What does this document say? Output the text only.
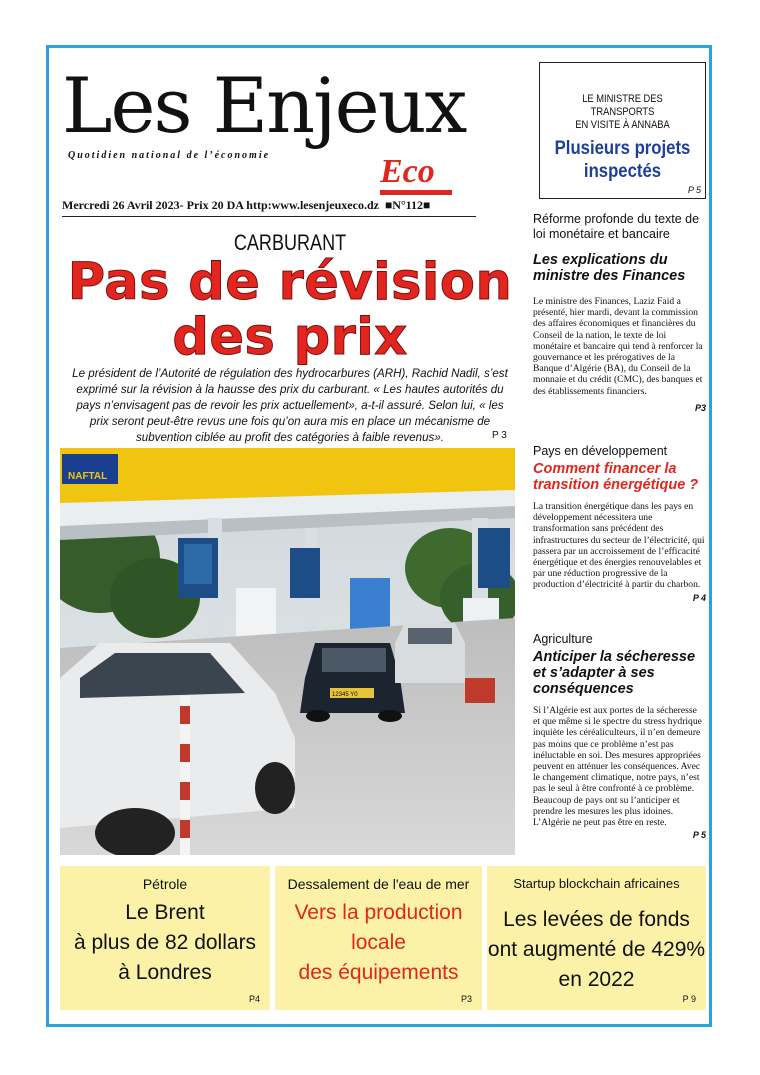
Les Enjeux
Quotidien national de l’économie	Eco
Mercredi 26 Avril 2023- Prix 20 DA http:www.lesenjeuxeco.dz ■N°112■
LE MINISTRE DES TRANSPORTS
EN VISITE À ANNABA
Plusieurs projets
inspectés
P 5
CARBURANT
Pas de révision
des prix
Le président de l’Autorité de régulation des hydrocarbures (ARH), Rachid Nadil, s’est exprimé sur la révision à la hausse des prix du carburant. « Les hautes autorités du pays n’envisagent pas de revoir les prix actuellement», a-t-il assuré. Selon lui, « les prix seront peut-être revus une fois qu’on aura mis en place un mécanisme de subvention ciblée au profit des catégories à faible revenus».	P 3
NAFTAL
12345 Y0
Réforme profonde du texte de loi monétaire et bancaire
Les explications du ministre des Finances
Le ministre des Finances, Laziz Faid a présenté, hier mardi, devant la commission des affaires économiques et financières du Conseil de la nation, le texte de loi monétaire et bancaire qui tend à renforcer la gouvernance et les prérogatives de la Banque d’Algérie (BA), du Conseil de la monnaie et du crédit (CMC), des banques et des établissements financiers.
P3
Pays en développement
Comment financer la transition énergétique ?
La transition énergétique dans les pays en développement nécessitera une transformation sans précédent des infrastructures du secteur de l’électricité, qui passera par un accroissement de l’efficacité énergétique et des énergies renouvelables et par une réduction progressive de la production d’électricité à partir du charbon.
P 4
Agriculture
Anticiper la sécheresse et s’adapter à ses conséquences
Si l’Algérie est aux portes de la sécheresse et que même si le spectre du stress hydrique inquiète les céréaliculteurs, il n’en demeure pas moins que ce problème n’est pas inéluctable en soi. Des mesures appropriées peuvent en atténuer les conséquences. Avec le changement climatique, notre pays, n’est pas le seul à être confronté à ce problème. Beaucoup de pays ont su l’anticiper et prendre les mesures les plus idoines. L’Algérie ne peut pas être en reste.
P 5
Pétrole
Le Brent
à plus de 82 dollars
à Londres
P4
Dessalement de l'eau de mer
Vers la production
locale
des équipements
P3
Startup blockchain africaines
Les levées de fonds
ont augmenté de 429%
en 2022
P 9
